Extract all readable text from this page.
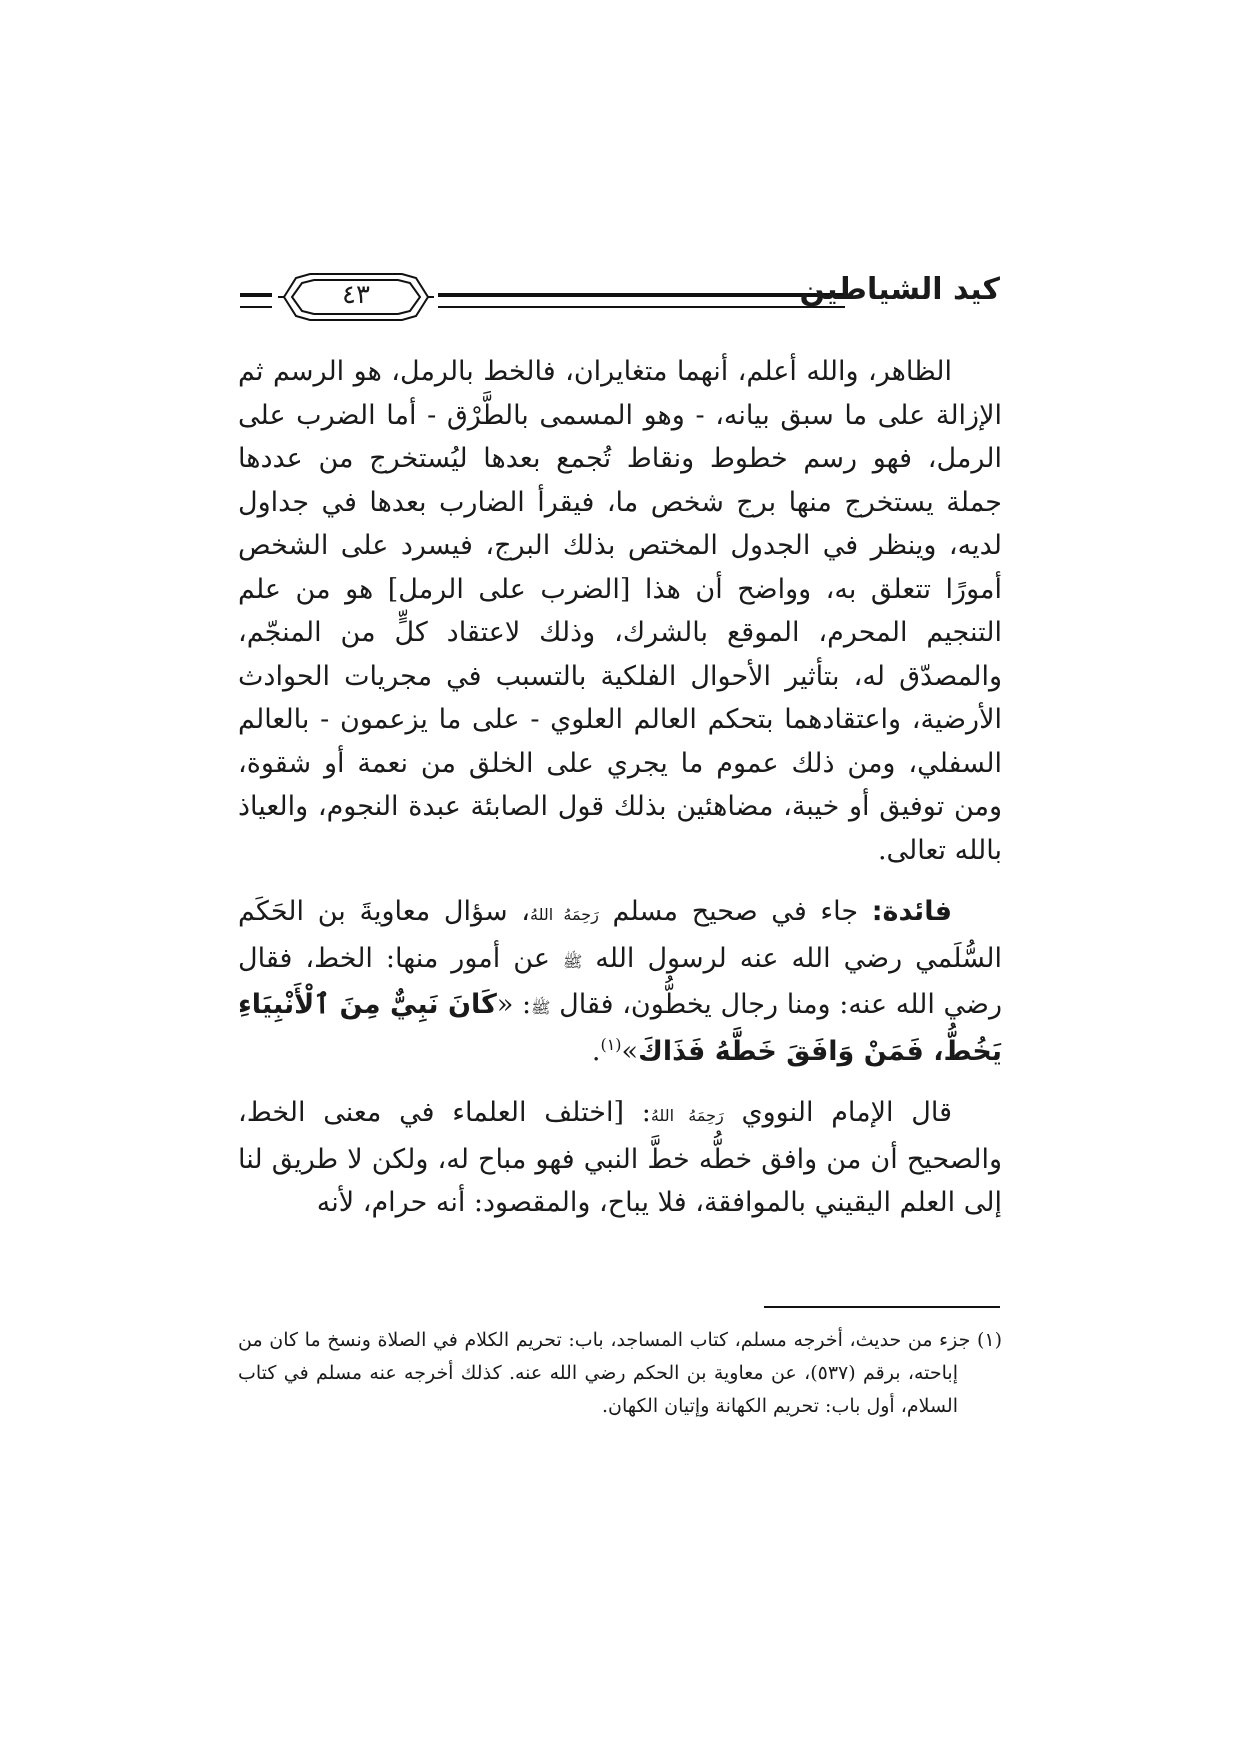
٤٣	كيد الشياطين

الظاهر، والله أعلم، أنهما متغايران، فالخط بالرمل، هو الرسم ثم الإزالة على ما سبق بيانه، - وهو المسمى بالطَّرْق - أما الضرب على الرمل، فهو رسم خطوط ونقاط تُجمع بعدها ليُستخرج من عددها جملة يستخرج منها برج شخص ما، فيقرأ الضارب بعدها في جداول لديه، وينظر في الجدول المختص بذلك البرج، فيسرد على الشخص أمورًا تتعلق به، وواضح أن هذا [الضرب على الرمل] هو من علم التنجيم المحرم، الموقع بالشرك، وذلك لاعتقاد كلٍّ من المنجّم، والمصدّق له، بتأثير الأحوال الفلكية بالتسبب في مجريات الحوادث الأرضية، واعتقادهما بتحكم العالم العلوي - على ما يزعمون - بالعالم السفلي، ومن ذلك عموم ما يجري على الخلق من نعمة أو شقوة، ومن توفيق أو خيبة، مضاهئين بذلك قول الصابئة عبدة النجوم، والعياذ بالله تعالى.

فائدة: جاء في صحيح مسلم رَحِمَهُ اللهُ، سؤال معاويةَ بن الحَكَم السُّلَمي رضي الله عنه لرسول الله ﷺ عن أمور منها: الخط، فقال رضي الله عنه: ومنا رجال يخطُّون، فقال ﷺ: «كَانَ نَبِيٌّ مِنَ ٱلْأَنْبِيَاءِ يَخُطُّ، فَمَنْ وَافَقَ خَطَّهُ فَذَاكَ»$^{(١)}$.

قال الإمام النووي رَحِمَهُ اللهُ: [اختلف العلماء في معنى الخط، والصحيح أن من وافق خطُّه خطَّ النبي فهو مباح له، ولكن لا طريق لنا إلى العلم اليقيني بالموافقة، فلا يباح، والمقصود: أنه حرام، لأنه

(١) جزء من حديث، أخرجه مسلم، كتاب المساجد، باب: تحريم الكلام في الصلاة ونسخ ما كان من إباحته، برقم (٥٣٧)، عن معاوية بن الحكم رضي الله عنه. كذلك أخرجه عنه مسلم في كتاب السلام، أول باب: تحريم الكهانة وإتيان الكهان.
